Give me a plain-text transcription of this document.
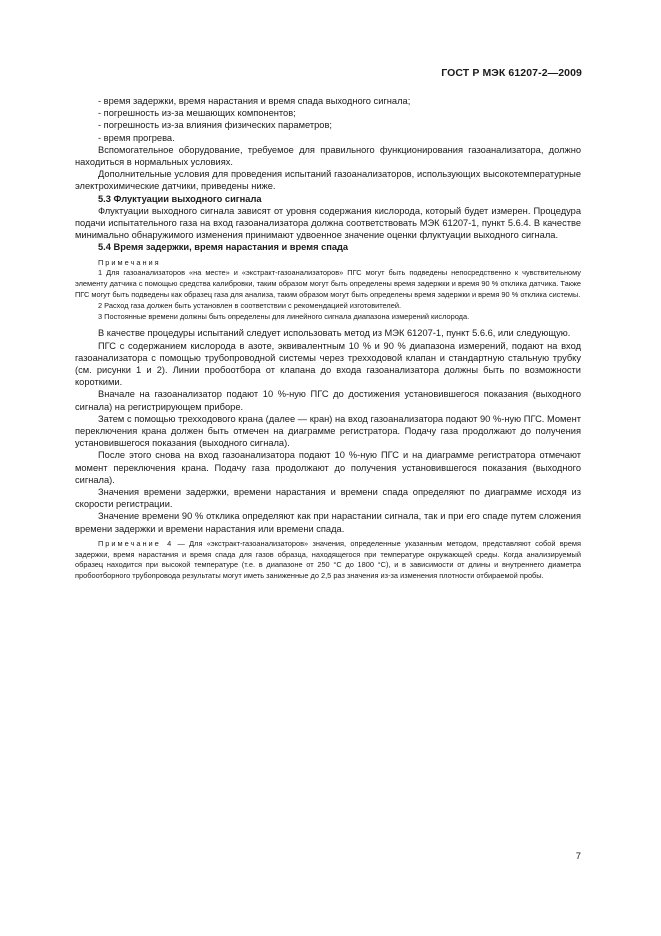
ГОСТ Р МЭК 61207-2—2009
- время задержки, время нарастания и время спада выходного сигнала;
- погрешность из-за мешающих компонентов;
- погрешность из-за влияния физических параметров;
- время прогрева.

Вспомогательное оборудование, требуемое для правильного функционирования газоанализатора, должно находиться в нормальных условиях.

Дополнительные условия для проведения испытаний газоанализаторов, использующих высокотемпературные электрохимические датчики, приведены ниже.

5.3 Флуктуации выходного сигнала

Флуктуации выходного сигнала зависят от уровня содержания кислорода, который будет измерен. Процедура подачи испытательного газа на вход газоанализатора должна соответствовать МЭК 61207-1, пункт 5.6.4. В качестве минимально обнаружимого изменения принимают удвоенное значение оценки флуктуации выходного сигнала.

5.4 Время задержки, время нарастания и время спада

Примечания

1 Для газоанализаторов «на месте» и «экстракт-газоанализаторов» ПГС могут быть подведены непосредственно к чувствительному элементу датчика с помощью средства калибровки, таким образом могут быть определены время задержки и время 90 % отклика датчика. Также ПГС могут быть подведены как образец газа для анализа, таким образом могут быть определены время задержки и время 90 % отклика системы.

2 Расход газа должен быть установлен в соответствии с рекомендацией изготовителей.

3 Постоянные времени должны быть определены для линейного сигнала диапазона измерений кислорода.

В качестве процедуры испытаний следует использовать метод из МЭК 61207-1, пункт 5.6.6, или следующую.

ПГС с содержанием кислорода в азоте, эквивалентным 10 % и 90 % диапазона измерений, подают на вход газоанализатора с помощью трубопроводной системы через трехходовой клапан и стандартную стальную трубку (см. рисунки 1 и 2). Линии пробоотбора от клапана до входа газоанализатора должны быть по возможности короткими.

Вначале на газоанализатор подают 10 %-ную ПГС до достижения установившегося показания (выходного сигнала) на регистрирующем приборе.

Затем с помощью трехходового крана (далее — кран) на вход газоанализатора подают 90 %-ную ПГС. Момент переключения крана должен быть отмечен на диаграмме регистратора. Подачу газа продолжают до получения установившегося показания (выходного сигнала).

После этого снова на вход газоанализатора подают 10 %-ную ПГС и на диаграмме регистратора отмечают момент переключения крана. Подачу газа продолжают до получения установившегося показания (выходного сигнала).

Значения времени задержки, времени нарастания и времени спада определяют по диаграмме исходя из скорости регистрации.

Значение времени 90 % отклика определяют как при нарастании сигнала, так и при его спаде путем сложения времени задержки и времени нарастания или времени спада.

Примечание 4 — Для «экстракт-газоанализаторов» значения, определенные указанным методом, представляют собой время задержки, время нарастания и время спада для газов образца, находящегося при температуре окружающей среды. Когда анализируемый образец находится при высокой температуре (т.е. в диапазоне от 250 °C до 1800 °C), и в зависимости от длины и внутреннего диаметра пробоотборного трубопровода результаты могут иметь заниженные до 2,5 раз значения из-за изменения плотности отбираемой пробы.

7
